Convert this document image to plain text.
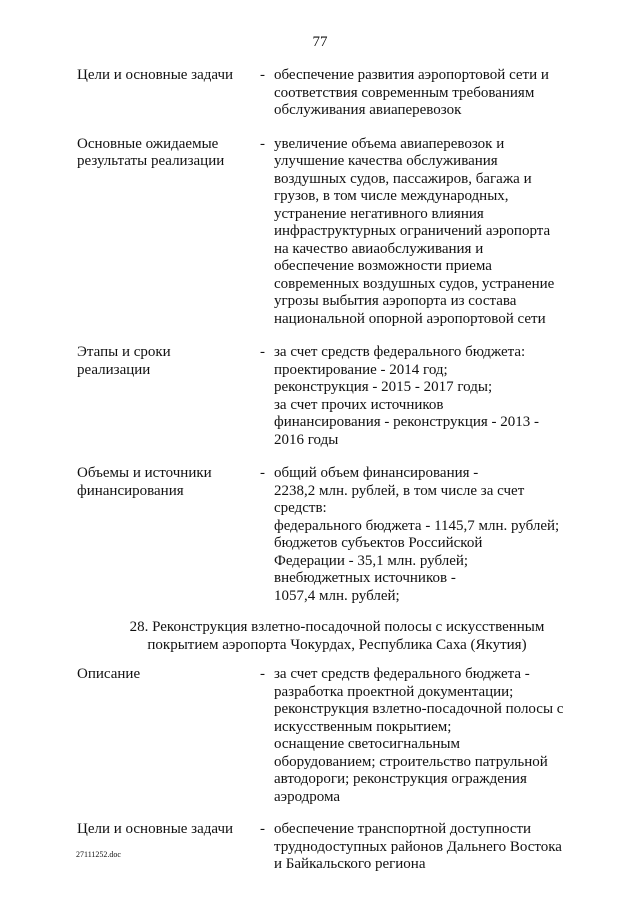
77
Цели и основные задачи	- обеспечение развития аэропортовой сети и
соответствия современным требованиям
обслуживания авиаперевозок
Основные ожидаемые
результаты реализации
- увеличение объема авиаперевозок и
улучшение качества обслуживания
воздушных судов, пассажиров, багажа и
грузов, в том числе международных,
устранение негативного влияния
инфраструктурных ограничений аэропорта
на качество авиаобслуживания и
обеспечение возможности приема
современных воздушных судов, устранение
угрозы выбытия аэропорта из состава
национальной опорной аэропортовой сети
Этапы и сроки
реализации
- за счет средств федерального бюджета:
проектирование - 2014 год;
реконструкция - 2015 - 2017 годы;
за счет прочих источников
финансирования - реконструкция - 2013 -
2016 годы
Объемы и источники
финансирования
- общий объем финансирования -
2238,2 млн. рублей, в том числе за счет
средств:
федерального бюджета - 1145,7 млн. рублей;
бюджетов субъектов Российской
Федерации - 35,1 млн. рублей;
внебюджетных источников -
1057,4 млн. рублей;
28. Реконструкция взлетно-посадочной полосы с искусственным
покрытием аэропорта Чокурдах, Республика Саха (Якутия)
Описание	- за счет средств федерального бюджета -
разработка проектной документации;
реконструкция взлетно-посадочной полосы с
искусственным покрытием;
оснащение светосигнальным
оборудованием; строительство патрульной
автодороги; реконструкция ограждения
аэродрома
Цели и основные задачи	- обеспечение транспортной доступности
труднодоступных районов Дальнего Востока
и Байкальского региона
27111252.doc
